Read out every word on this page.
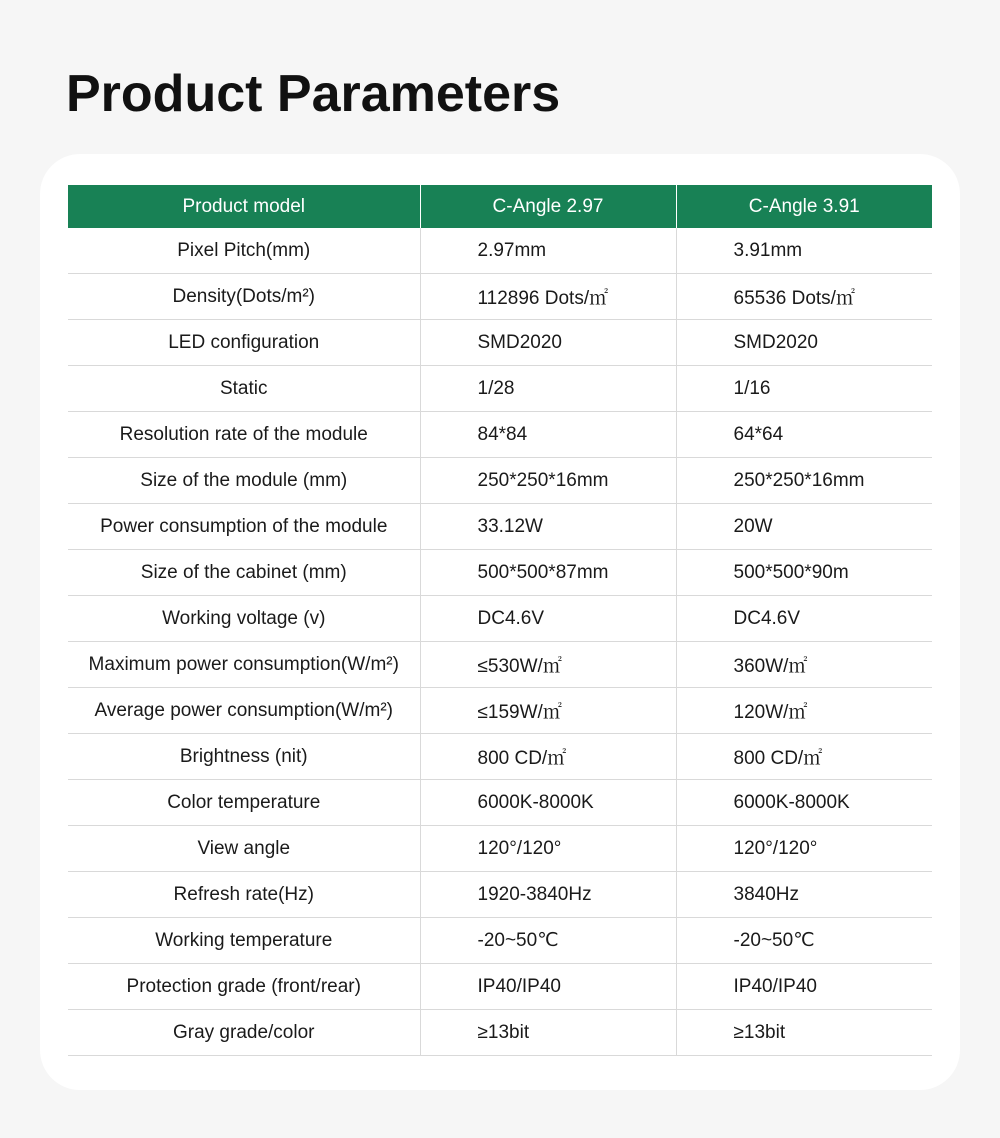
Product Parameters
Product model	C-Angle 2.97	C-Angle 3.91
Pixel Pitch(mm)	2.97mm	3.91mm
Density(Dots/m²)	112896 Dots/㎡	65536 Dots/㎡
LED configuration	SMD2020	SMD2020
Static	1/28	1/16
Resolution rate of the module	84*84	64*64
Size of the module (mm)	250*250*16mm	250*250*16mm
Power consumption of the module	33.12W	20W
Size of the cabinet (mm)	500*500*87mm	500*500*90m
Working voltage (v)	DC4.6V	DC4.6V
Maximum power consumption(W/m²)	≤530W/㎡	360W/㎡
Average power consumption(W/m²)	≤159W/㎡	120W/㎡
Brightness (nit)	800 CD/㎡	800 CD/㎡
Color temperature	6000K-8000K	6000K-8000K
View angle	120°/120°	120°/120°
Refresh rate(Hz)	1920-3840Hz	3840Hz
Working temperature	-20~50℃	-20~50℃
Protection grade (front/rear)	IP40/IP40	IP40/IP40
Gray grade/color	≥13bit	≥13bit
